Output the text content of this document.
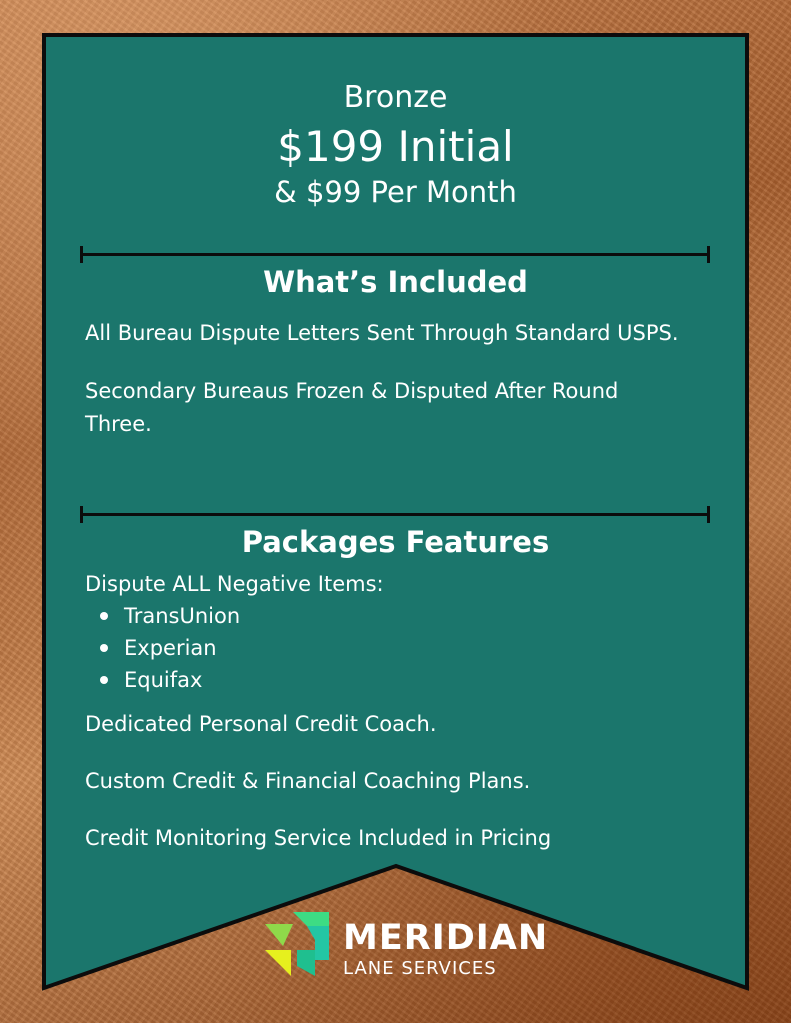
Bronze
$199 Initial
& $99 Per Month
What’s Included
All Bureau Dispute Letters Sent Through Standard USPS.
Secondary Bureaus Frozen & Disputed After Round Three.
Packages Features
Dispute ALL Negative Items:
TransUnion
Experian
Equifax
Dedicated Personal Credit Coach.
Custom Credit & Financial Coaching Plans.
Credit Monitoring Service Included in Pricing
MERIDIAN
LANE SERVICES
